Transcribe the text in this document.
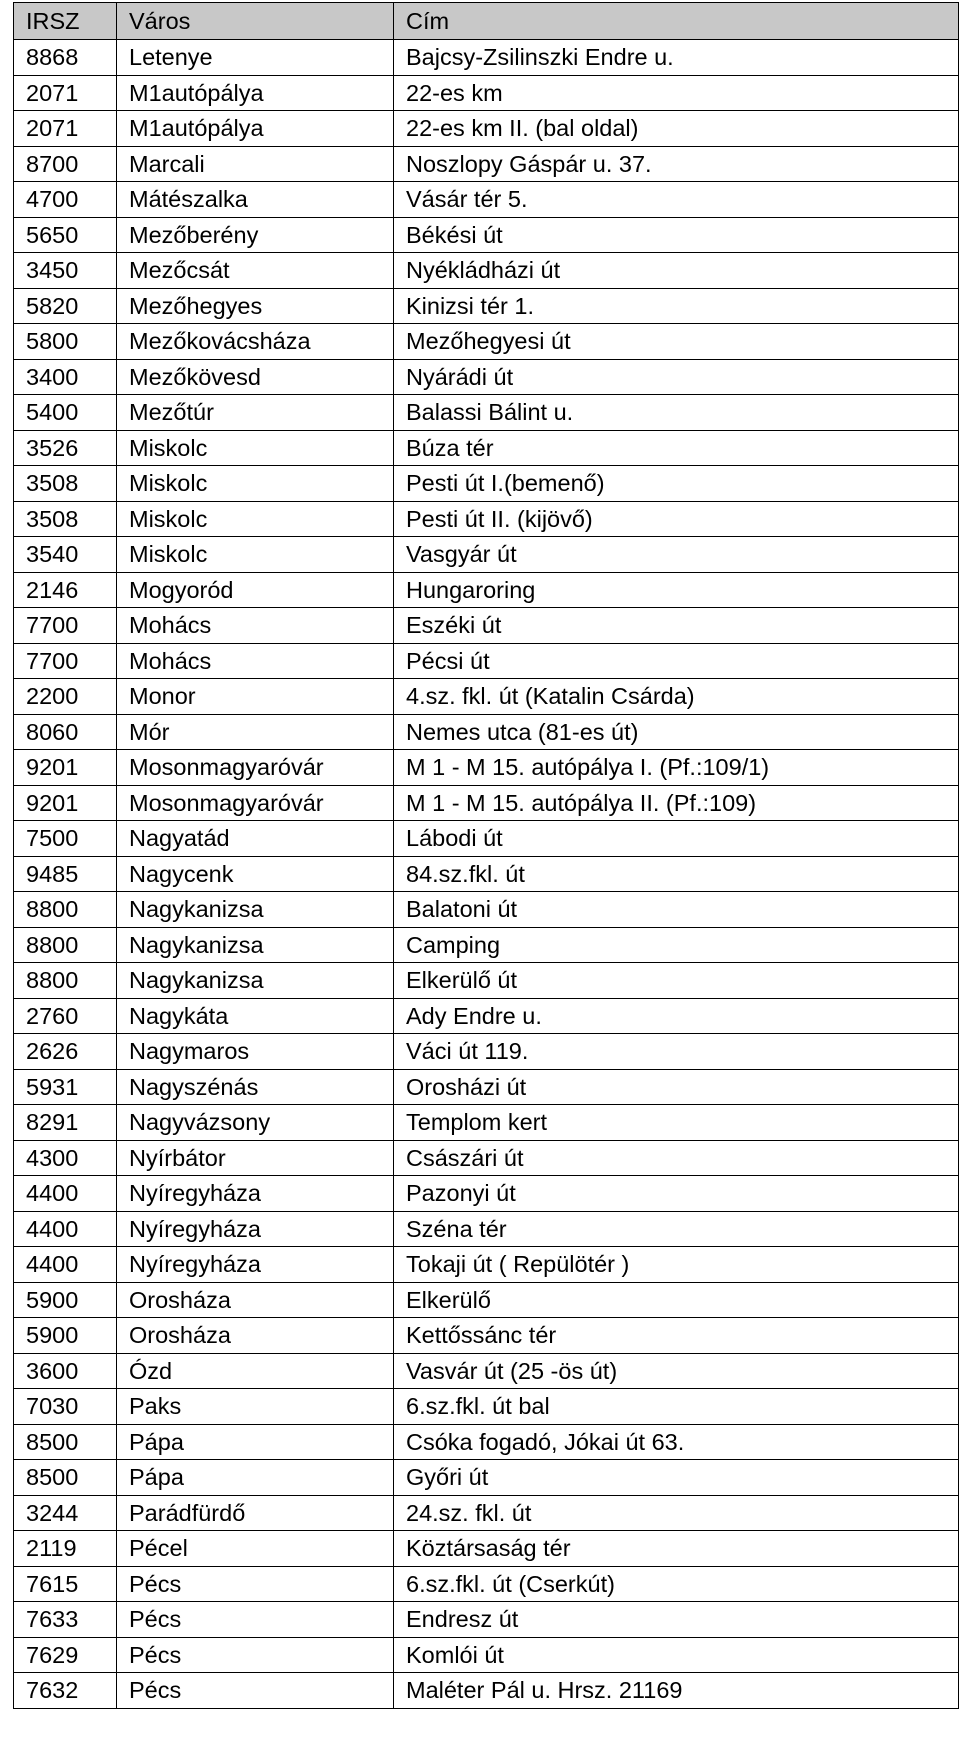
IRSZ	Város	Cím
8868	Letenye	Bajcsy-Zsilinszki Endre u.
2071	M1autópálya	22-es km
2071	M1autópálya	22-es km II. (bal oldal)
8700	Marcali	Noszlopy Gáspár u. 37.
4700	Mátészalka	Vásár tér 5.
5650	Mezőberény	Békési út
3450	Mezőcsát	Nyékládházi út
5820	Mezőhegyes	Kinizsi tér 1.
5800	Mezőkovácsháza	Mezőhegyesi út
3400	Mezőkövesd	Nyárádi út
5400	Mezőtúr	Balassi Bálint u.
3526	Miskolc	Búza tér
3508	Miskolc	Pesti út I.(bemenő)
3508	Miskolc	Pesti út II. (kijövő)
3540	Miskolc	Vasgyár út
2146	Mogyoród	Hungaroring
7700	Mohács	Eszéki út
7700	Mohács	Pécsi út
2200	Monor	4.sz. fkl. út (Katalin Csárda)
8060	Mór	Nemes utca (81-es út)
9201	Mosonmagyaróvár	M 1 - M 15. autópálya I. (Pf.:109/1)
9201	Mosonmagyaróvár	M 1 - M 15. autópálya II. (Pf.:109)
7500	Nagyatád	Lábodi út
9485	Nagycenk	84.sz.fkl. út
8800	Nagykanizsa	Balatoni út
8800	Nagykanizsa	Camping
8800	Nagykanizsa	Elkerülő út
2760	Nagykáta	Ady Endre u.
2626	Nagymaros	Váci út 119.
5931	Nagyszénás	Orosházi út
8291	Nagyvázsony	Templom kert
4300	Nyírbátor	Császári út
4400	Nyíregyháza	Pazonyi út
4400	Nyíregyháza	Széna tér
4400	Nyíregyháza	Tokaji út ( Repülötér )
5900	Orosháza	Elkerülő
5900	Orosháza	Kettőssánc tér
3600	Ózd	Vasvár út (25 -ös út)
7030	Paks	6.sz.fkl. út bal
8500	Pápa	Csóka fogadó, Jókai út 63.
8500	Pápa	Győri út
3244	Parádfürdő	24.sz. fkl. út
2119	Pécel	Köztársaság tér
7615	Pécs	6.sz.fkl. út (Cserkút)
7633	Pécs	Endresz út
7629	Pécs	Komlói út
7632	Pécs	Maléter Pál u. Hrsz. 21169
